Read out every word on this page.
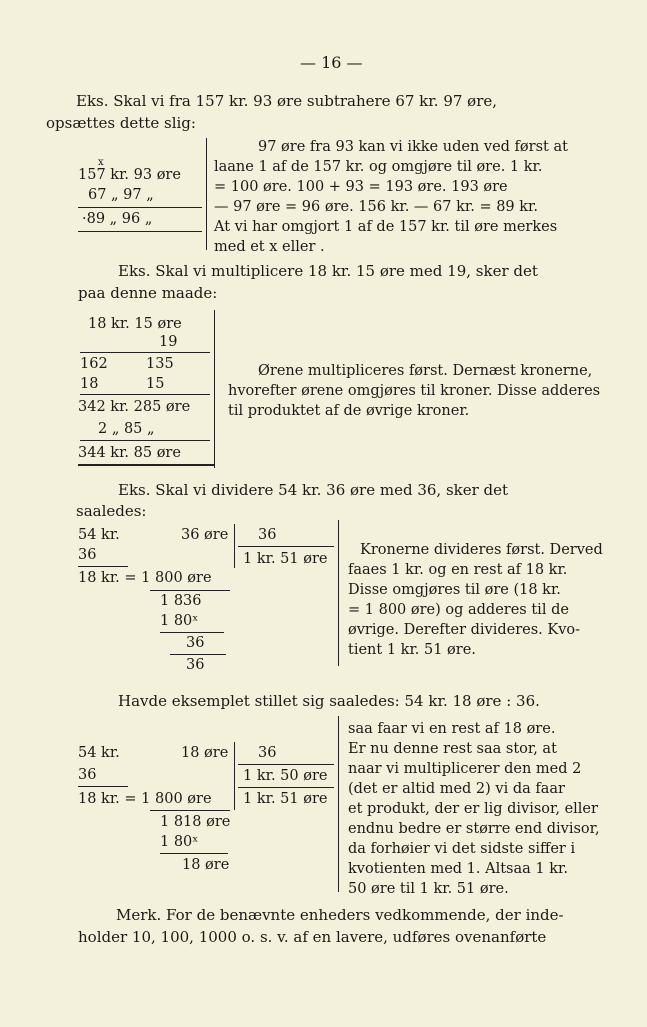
— 16 —
Eks. Skal vi fra 157 kr. 93 øre subtrahere 67 kr. 97 øre,
opsættes dette slig:
x
157 kr. 93 øre
67 „ 97 „
·89 „ 96 „
97 øre fra 93 kan vi ikke uden ved først at
laane 1 af de 157 kr. og omgjøre til øre. 1 kr.
= 100 øre. 100 + 93 = 193 øre. 193 øre
— 97 øre = 96 øre. 156 kr. — 67 kr. = 89 kr.
At vi har omgjort 1 af de 157 kr. til øre merkes
med et x eller .
Eks. Skal vi multiplicere 18 kr. 15 øre med 19, sker det
paa denne maade:
18 kr. 15 øre
19
162	135
18	15
342 kr. 285 øre
2 „ 85 „
344 kr. 85 øre
Ørene multipliceres først. Dernæst kronerne,
hvorefter ørene omgjøres til kroner. Disse adderes
til produktet af de øvrige kroner.
Eks. Skal vi dividere 54 kr. 36 øre med 36, sker det
saaledes:
54 kr.	36 øre 36
1 kr. 51 øre
36
18 kr. = 1 800 øre
1 836
1 80ˣ
36
36
Kronerne divideres først. Derved
faaes 1 kr. og en rest af 18 kr.
Disse omgjøres til øre (18 kr.
= 1 800 øre) og adderes til de
øvrige. Derefter divideres. Kvo-
tient 1 kr. 51 øre.
Havde eksemplet stillet sig saaledes: 54 kr. 18 øre : 36.
54 kr.	18 øre 36
1 kr. 50 øre
1 kr. 51 øre
36
18 kr. = 1 800 øre
1 818 øre
1 80ˣ
18 øre
saa faar vi en rest af 18 øre.
Er nu denne rest saa stor, at
naar vi multiplicerer den med 2
(det er altid med 2) vi da faar
et produkt, der er lig divisor, eller
endnu bedre er større end divisor,
da forhøier vi det sidste siffer i
kvotienten med 1. Altsaa 1 kr.
50 øre til 1 kr. 51 øre.
Merk. For de benævnte enheders vedkommende, der inde-
holder 10, 100, 1000 o. s. v. af en lavere, udføres ovenanførte
